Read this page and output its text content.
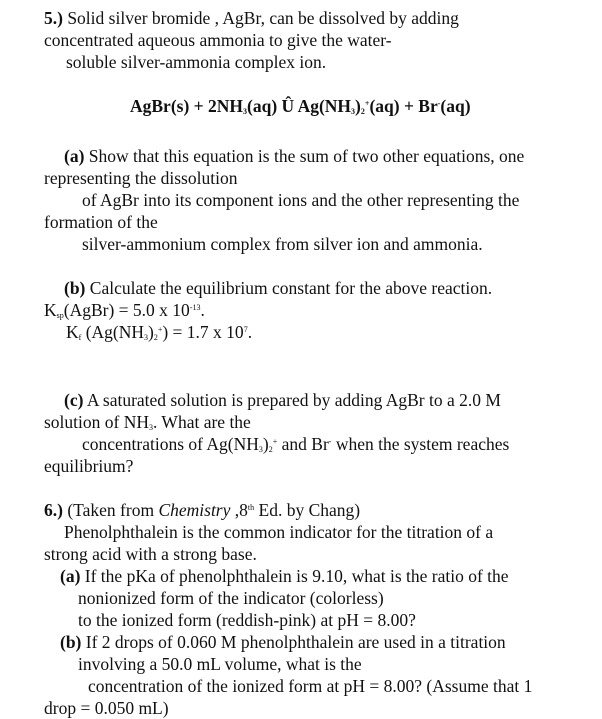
5.) Solid silver bromide , AgBr, can be dissolved by adding
concentrated aqueous ammonia to give the water-
soluble silver-ammonia complex ion.
AgBr(s) + $2NH_3(aq)$ Û $Ag(NH_3)_2^+(aq) + Br^-(aq)$
(a) Show that this equation is the sum of two other equations, one
representing the dissolution
of AgBr into its component ions and the other representing the
formation of the
silver-ammonium complex from silver ion and ammonia.
(b) Calculate the equilibrium constant for the above reaction.
$K_{sp}(AgBr) = 5.0$ x $10^{-13}$.
$K_f$ $(Ag(NH_3)_2^+) = 1.7$ x $10^7$.
(c) A saturated solution is prepared by adding AgBr to a 2.0 M
solution of $NH_3$. What are the
concentrations of $Ag(NH_3)_2^+$ and Br- when the system reaches
equilibrium?
6.) (Taken from Chemistry ,8th Ed. by Chang)
Phenolphthalein is the common indicator for the titration of a
strong acid with a strong base.
(a) If the pKa of phenolphthalein is 9.10, what is the ratio of the
nonionized form of the indicator (colorless)
to the ionized form (reddish-pink) at pH = 8.00?
(b) If 2 drops of 0.060 M phenolphthalein are used in a titration
involving a 50.0 mL volume, what is the
concentration of the ionized form at pH = 8.00? (Assume that 1
drop = 0.050 mL)
